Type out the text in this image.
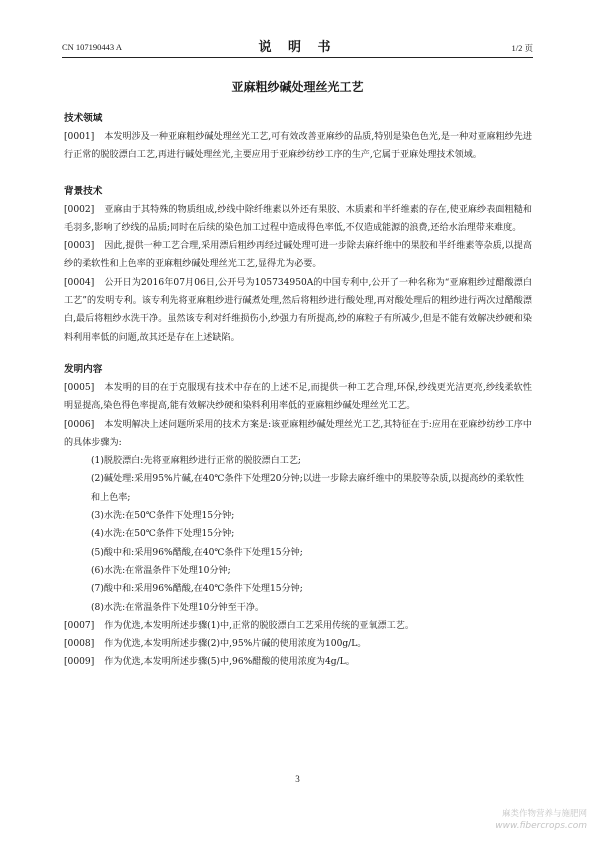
CN 107190443 A	说 明 书	1/2 页
亚麻粗纱碱处理丝光工艺
技术领域

[0001] 本发明涉及一种亚麻粗纱碱处理丝光工艺,可有效改善亚麻纱的品质,特别是染色色光,是一种对亚麻粗纱先进行正常的脱胶漂白工艺,再进行碱处理丝光,主要应用于亚麻纱纺纱工序的生产,它属于亚麻处理技术领域。

背景技术

[0002] 亚麻由于其特殊的物质组成,纱线中除纤维素以外还有果胶、木质素和半纤维素的存在,使亚麻纱表面粗糙和毛羽多,影响了纱线的品质;同时在后续的染色加工过程中造成得色率低,不仅造成能源的浪费,还给水治理带来难度。

[0003] 因此,提供一种工艺合理,采用漂后粗纱再经过碱处理可进一步除去麻纤维中的果胶和半纤维素等杂质,以提高纱的柔软性和上色率的亚麻粗纱碱处理丝光工艺,显得尤为必要。

[0004] 公开日为2016年07月06日,公开号为105734950A的中国专利中,公开了一种名称为“亚麻粗纱过醋酸漂白工艺”的发明专利。该专利先将亚麻粗纱进行碱煮处理,然后将粗纱进行酸处理,再对酸处理后的粗纱进行两次过醋酸漂白,最后将粗纱水洗干净。虽然该专利对纤维损伤小,纱强力有所提高,纱的麻粒子有所减少,但是不能有效解决纱硬和染料利用率低的问题,故其还是存在上述缺陷。

发明内容

[0005] 本发明的目的在于克服现有技术中存在的上述不足,而提供一种工艺合理,环保,纱线更光洁更亮,纱线柔软性明显提高,染色得色率提高,能有效解决纱硬和染料利用率低的亚麻粗纱碱处理丝光工艺。

[0006] 本发明解决上述问题所采用的技术方案是:该亚麻粗纱碱处理丝光工艺,其特征在于:应用在亚麻纱纺纱工序中的具体步骤为:

(1)脱胶漂白:先将亚麻粗纱进行正常的脱胶漂白工艺;

(2)碱处理:采用95%片碱,在40℃条件下处理20分钟;以进一步除去麻纤维中的果胶等杂质,以提高纱的柔软性和上色率;

(3)水洗:在50℃条件下处理15分钟;

(4)水洗:在50℃条件下处理15分钟;

(5)酸中和:采用96%醋酸,在40℃条件下处理15分钟;

(6)水洗:在常温条件下处理10分钟;

(7)酸中和:采用96%醋酸,在40℃条件下处理15分钟;

(8)水洗:在常温条件下处理10分钟至干净。

[0007] 作为优选,本发明所述步骤(1)中,正常的脱胶漂白工艺采用传统的亚氧漂工艺。

[0008] 作为优选,本发明所述步骤(2)中,95%片碱的使用浓度为100g/L。

[0009] 作为优选,本发明所述步骤(5)中,96%醋酸的使用浓度为4g/L。

3
麻类作物营养与施肥网
www.fibercrops.com
